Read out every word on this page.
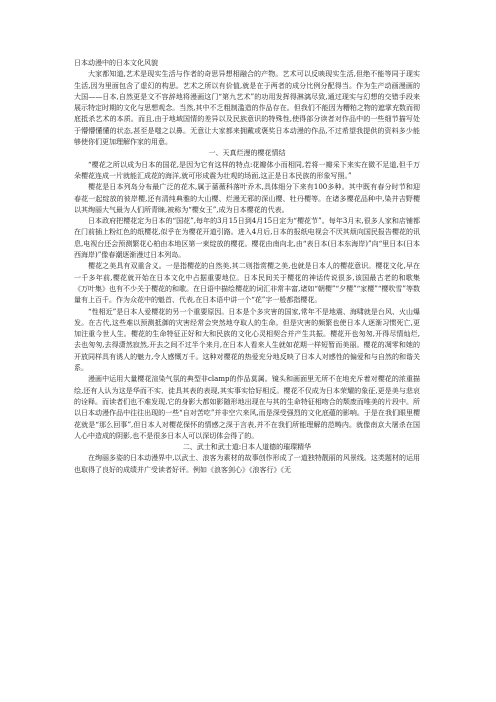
日本动漫中的日本文化风貌

大家都知道,艺术是现实生活与作者的奇思异想相融合的产物。艺术可以反映现实生活,但绝不能等同于现实生活,因为里面包含了虚幻的构思。艺术之所以有价值,就是在于两者的成分比例分配得当。作为生产动画漫画的大国——日本,自然更是文不容辞地将漫画这门“第九艺术”的功用发挥得淋漓尽致,通过现实与幻想的交错手段来展示特定时期的文化与思想观念。当然,其中不乏粗制滥造的作品存在。但我们不能因为糟粕之物的遮掌充数而彻底抵杀艺术的本质。而且,由于地域国情的差异以及民族意识的特殊性,使得部分读者对作品中的一些细节描写处于懵懵懂懂的状态,甚至是嗤之以鼻。无意让大家都来拥戴或褒奖日本动漫的作品,不过希望我提供的资料多少能够使你们更加理解作家的用意。

一、天真烂漫的樱花情结

“樱花之所以成为日本的国花,是因为它有这样的特点:花瓣体小而相同,若将一瓣采下来实在微不足道,但千万朵樱花连成一片就能汇成花的海洋,就可形成震为壮观的场面,这正是日本民族的形象写照。”

樱花是日本列岛分布最广泛的花木,属于蔷薇科落叶乔木,具体细分下来有100多种。其中既有春分时节和迎春花一起绽放的彼岸樱,还有清纯典雅的大山樱、烂漫无邪的深山樱、牡丹樱等。在诸多樱花品种中,染井吉野樱以其绚丽大气最为人们所青睐,被称为“樱女王”,成为日本樱花的代表。

日本政府把樱花定为日本的“国花”,每年的3月15日到4月15日定为“樱花节”。每年3月末,很多人家和店铺都在门前插上粉红色的纸樱花,似乎在为樱花开道引路。进入4月后,日本的报纸电视会不厌其烦向国民报告樱花的讯息,电视台还会预测繁花心柏由本地区第一束绽放的樱花。樱花由南向北,由“表日本(日本东海岸)”向“里日本(日本西海岸)”像春潮逐渐漫过日本列岛。

樱花之美具有双重含义。一是指樱花的自然美,其二则指赏樱之美,也就是日本人的樱花意识。樱花文化,早在一千多年前,樱花就开始在日本文化中占据重要地位。日本民间关于樱花的神话传说很多,该国最古老的和歌集《万叶集》也有不少关于樱花的和歌。在日语中描绘樱花的词汇非常丰富,诸如“朝樱”“夕樱”“家樱”“樱吹雪”等数量有上百千。作为众花中的魁首、代表,在日本语中讲一个“花”字一般都指樱花。

“性相近”是日本人爱樱花的另一个重要原因。日本是个多灾害的国家,常年不是地震、海啸就是台风、火山爆发。在古代,这些难以预测抵御的灾害经常会突然地夺取人的生命。但是灾害的频繁也使日本人逐渐习惯死亡,更加注重今世人生。樱花的生命特征正好和大和民族的文化心灵相契合并产生共振。樱花开也匆匆,开得尽情灿烂,去也匆匆,去得潇然寂然,开去之间不过半个来月,在日本人看来人生就如花期一样短暂而美丽。樱花的凋零和她的开放同样具有诱人的魅力,令人感慨万千。这种对樱花的热爱充分地反映了日本人对感性的偏爱和与自然的和谐关系。

漫画中运用大量樱花渲染气氛的典型非clamp的作品莫属。镜头和画面里无所不在地充斥着对樱花的浓重描绘,还有人认为这是华而不实、徒具其表的表现,其实事实恰好相反。樱花不仅成为日本荣耀的象征,更是美与悲哀的诠释。而读者们也不难发现,它的身影大都如影随形地出现在与其的生命特征相吻合的颓废而唯美的片段中。所以日本动漫作品中往往出现的一些“自对苦吃”并非空穴来风,而是深受强烈的文化底蕴的影响。于是在我们眼里樱花就是“那么回事”,但日本人对樱花保怀的情感之深于言表,并不在我们所能理解的范畴内。就像南京大屠杀在国人心中造成的阴影,也不是很多日本人可以深切体会得了的。

二、武士和武士道:日本人道德的璀璨精华

在绚丽多姿的日本动漫界中,以武士、浪客为素材的故事创作形成了一道独特靓丽的风景线。这类题材的运用也取得了良好的成绩并广受读者好评。例如《浪客剑心》《浪客行》《无
